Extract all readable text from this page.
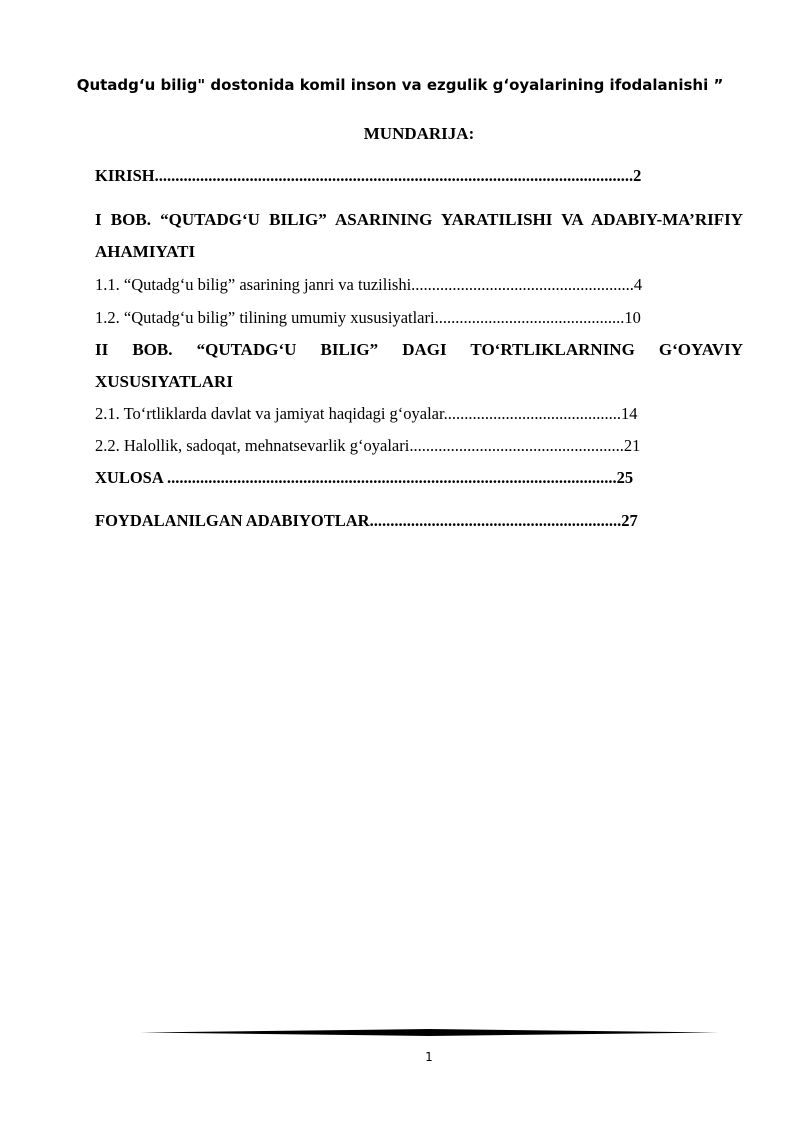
Qutadg‘u bilig" dostonida komil inson va ezgulik gʻoyalarining ifodalanishi ”
MUNDARIJA:
KIRISH....................................................................................................................2
I BOB. “QUTADG‘U BILIG” ASARINING YARATILISHI VA ADABIY-MA’RIFIY AHAMIYATI
1.1. “Qutadg‘u bilig” asarining janri va tuzilishi......................................................4
1.2. “Qutadg‘u bilig” tilining umumiy xususiyatlari..............................................10
II BOB. “QUTADG‘U BILIG” DAGI TO‘RTLIKLARNING G‘OYAVIY XUSUSIYATLARI
2.1. To‘rtliklarda davlat va jamiyat haqidagi g‘oyalar...........................................14
2.2. Halollik, sadoqat, mehnatsevarlik g‘oyalari....................................................21
XULOSA .............................................................................................................25
FOYDALANILGAN ADABIYOTLAR.............................................................27
1
